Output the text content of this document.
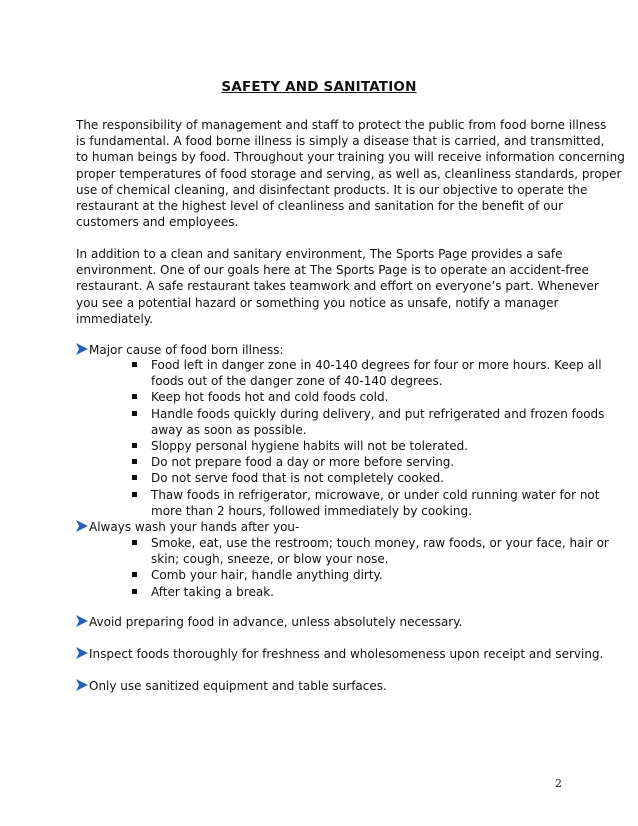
SAFETY AND SANITATION

The responsibility of management and staff to protect the public from food borne illness
is fundamental. A food borne illness is simply a disease that is carried, and transmitted,
to human beings by food. Throughout your training you will receive information concerning
proper temperatures of food storage and serving, as well as, cleanliness standards, proper
use of chemical cleaning, and disinfectant products. It is our objective to operate the
restaurant at the highest level of cleanliness and sanitation for the benefit of our
customers and employees.

In addition to a clean and sanitary environment, The Sports Page provides a safe
environment. One of our goals here at The Sports Page is to operate an accident-free
restaurant. A safe restaurant takes teamwork and effort on everyone’s part. Whenever
you see a potential hazard or something you notice as unsafe, notify a manager
immediately.

Major cause of food born illness:
Food left in danger zone in 40-140 degrees for four or more hours. Keep all
foods out of the danger zone of 40-140 degrees.
Keep hot foods hot and cold foods cold.
Handle foods quickly during delivery, and put refrigerated and frozen foods
away as soon as possible.
Sloppy personal hygiene habits will not be tolerated.
Do not prepare food a day or more before serving.
Do not serve food that is not completely cooked.
Thaw foods in refrigerator, microwave, or under cold running water for not
more than 2 hours, followed immediately by cooking.
Always wash your hands after you-
Smoke, eat, use the restroom; touch money, raw foods, or your face, hair or
skin; cough, sneeze, or blow your nose.
Comb your hair, handle anything dirty.
After taking a break.
Avoid preparing food in advance, unless absolutely necessary.
Inspect foods thoroughly for freshness and wholesomeness upon receipt and serving.
Only use sanitized equipment and table surfaces.
2
